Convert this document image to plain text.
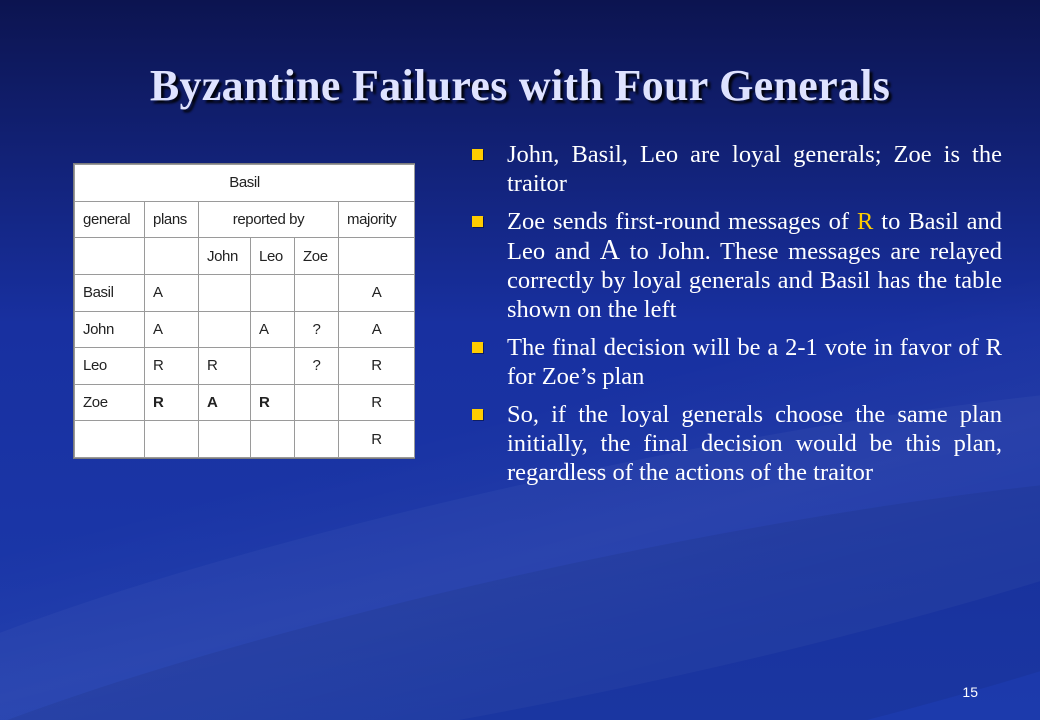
Byzantine Failures with Four Generals
Basil					
general	plans	reported by			majority
		John	Leo	Zoe	
Basil	A				A
John	A		A	?	A
Leo	R	R		?	R
Zoe	R	A	R		R
					R
John, Basil, Leo are loyal generals; Zoe is the traitor
Zoe sends first-round messages of R to Basil and Leo and A to John. These messages are relayed correctly by loyal generals and Basil has the table shown on the left
The final decision will be a 2-1 vote in favor of R for Zoe’s plan
So, if the loyal generals choose the same plan initially, the final decision would be this plan, regardless of the actions of the traitor
15
